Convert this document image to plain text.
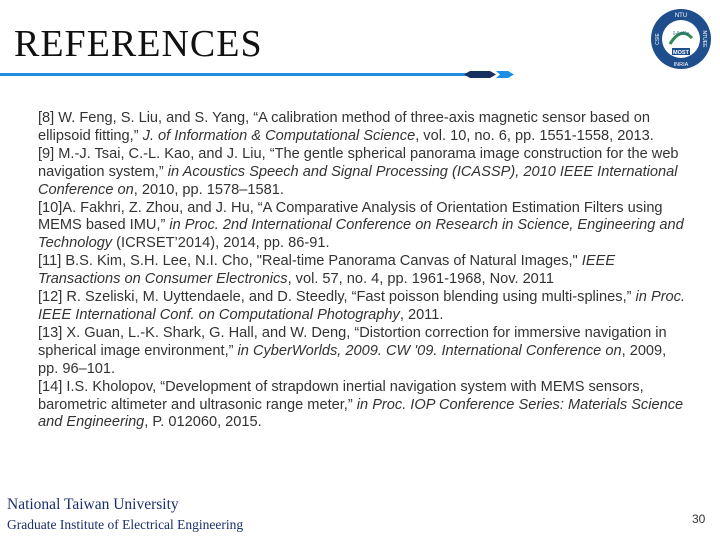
REFERENCES
NTU
CSIE	NTUEE
INRIA
I-LiCe
MOST

[8] W. Feng, S. Liu, and S. Yang, “A calibration method of three-axis magnetic sensor based on ellipsoid fitting,” J. of Information & Computational Science, vol. 10, no. 6, pp. 1551-1558, 2013.

[9] M.-J. Tsai, C.-L. Kao, and J. Liu, “The gentle spherical panorama image construction for the web navigation system,” in Acoustics Speech and Signal Processing (ICASSP), 2010 IEEE International Conference on, 2010, pp. 1578–1581.

[10]A. Fakhri, Z. Zhou, and J. Hu, “A Comparative Analysis of Orientation Estimation Filters using MEMS based IMU,” in Proc. 2nd International Conference on Research in Science, Engineering and Technology (ICRSET’2014), 2014, pp. 86-91.

[11] B.S. Kim, S.H. Lee, N.I. Cho, "Real-time Panorama Canvas of Natural Images," IEEE Transactions on Consumer Electronics, vol. 57, no. 4, pp. 1961-1968, Nov. 2011

[12] R. Szeliski, M. Uyttendaele, and D. Steedly, “Fast poisson blending using multi-splines,” in Proc. IEEE International Conf. on Computational Photography, 2011.

[13] X. Guan, L.-K. Shark, G. Hall, and W. Deng, “Distortion correction for immersive navigation in spherical image environment,” in CyberWorlds, 2009. CW '09. International Conference on, 2009, pp. 96–101.

[14] I.S. Kholopov, “Development of strapdown inertial navigation system with MEMS sensors, barometric altimeter and ultrasonic range meter,” in Proc. IOP Conference Series: Materials Science and Engineering, P. 012060, 2015.

National Taiwan University
Graduate Institute of Electrical Engineering	30
